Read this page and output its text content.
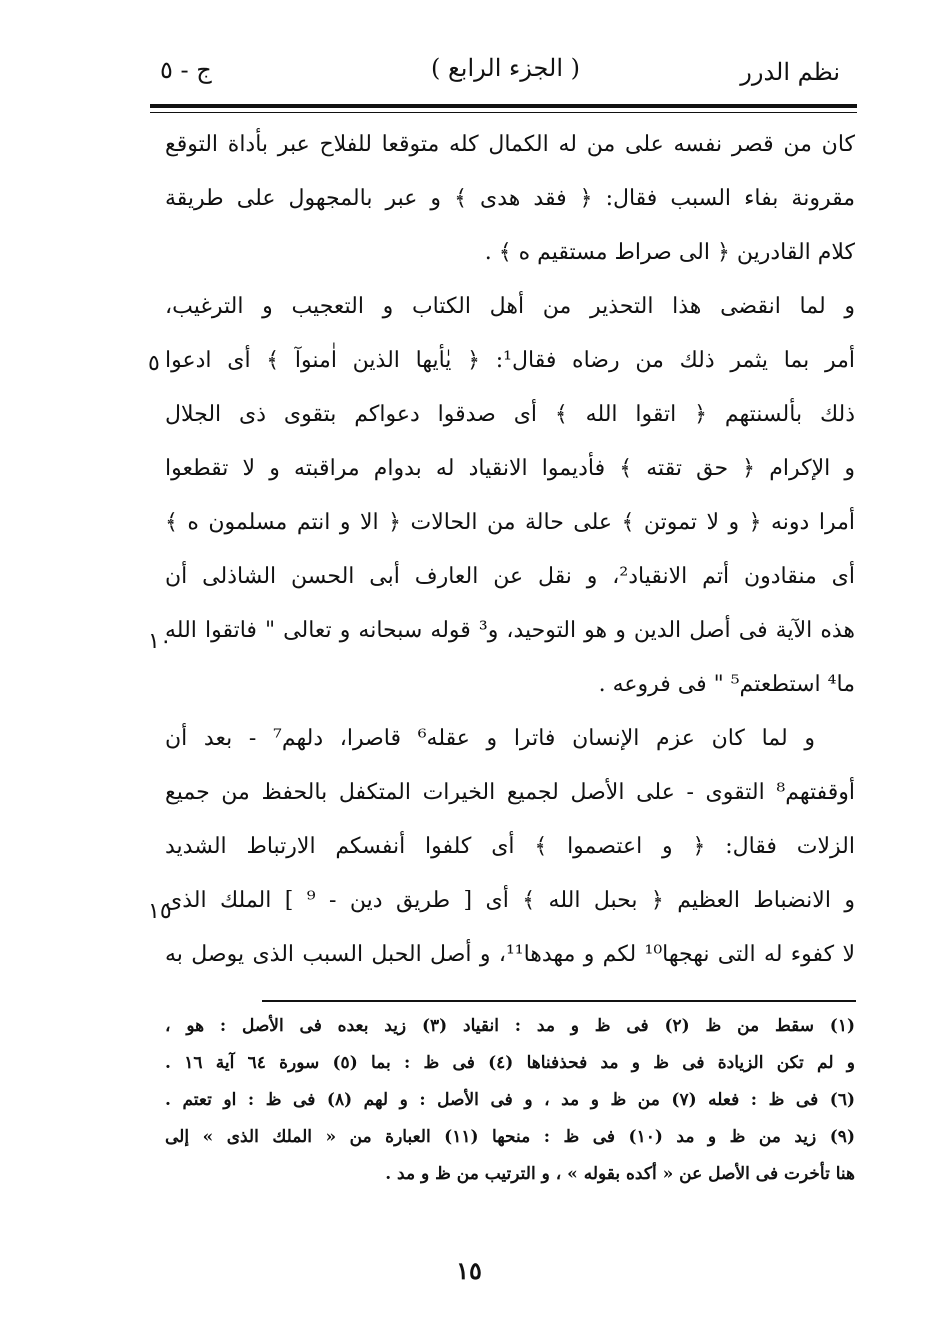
نظم الدرر
( الجزء الرابع )
ج - ٥
كان من قصر نفسه على من له الكمال كله متوقعا للفلاح عبر بأداة التوقع
مقرونة بفاء السبب فقال: ﴿ فقد هدى ﴾ و عبر بالمجهول على طريقة
كلام القادرين ﴿ الى صراط مستقيم ه ﴾ .
و لما انقضى هذا التحذير من أهل الكتاب و التعجيب و الترغيب،
أمر بما يثمر ذلك من رضاه فقال¹: ﴿ يٰأيها الذين اٰمنوآ ﴾ أى ادعوا
ذلك بألسنتهم ﴿ اتقوا الله ﴾ أى صدقوا دعواكم بتقوى ذى الجلال
و الإكرام ﴿ حق تقته ﴾ فأديموا الانقياد له بدوام مراقبته و لا تقطعوا
أمرا دونه ﴿ و لا تموتن ﴾ على حالة من الحالات ﴿ الا و انتم مسلمون ه ﴾
أى منقادون أتم الانقياد²، و نقل عن العارف أبى الحسن الشاذلى أن
هذه الآية فى أصل الدين و هو التوحيد، و³ قوله سبحانه و تعالى " فاتقوا الله
ما⁴ استطعتم⁵ " فى فروعه .
و لما كان عزم الإنسان فاترا و عقله⁶ قاصرا، دلهم⁷ - بعد أن
أوقفتهم⁸ التقوى - على الأصل لجميع الخيرات المتكفل بالحفظ من جميع
الزلات فقال: ﴿ و اعتصموا ﴾ أى كلفوا أنفسكم الارتباط الشديد
و الانضباط العظيم ﴿ بحبل الله ﴾ أى [ طريق دين - ⁹ ] الملك الذى
لا كفوء له التى نهجها¹⁰ لكم و مهدها¹¹، و أصل الحبل السبب الذى يوصل به
٥
١٠
١٥
(١) سقط من ظ (٢) فى ظ و مد : انقياد (٣) زيد بعده فى الأصل : هو ،
و لم تكن الزيادة فى ظ و مد فحذفناها (٤) فى ظ : بما (٥) سورة ٦٤ آية ١٦ .
(٦) فى ظ : فعله (٧) من ظ و مد ، و فى الأصل : و لهم (٨) فى ظ : او تعتم .
(٩) زيد من ظ و مد (١٠) فى ظ : منحها (١١) العبارة من « الملك الذى » إلى
هنا تأخرت فى الأصل عن « أكده بقوله » ، و الترتيب من ظ و مد .
١٥
